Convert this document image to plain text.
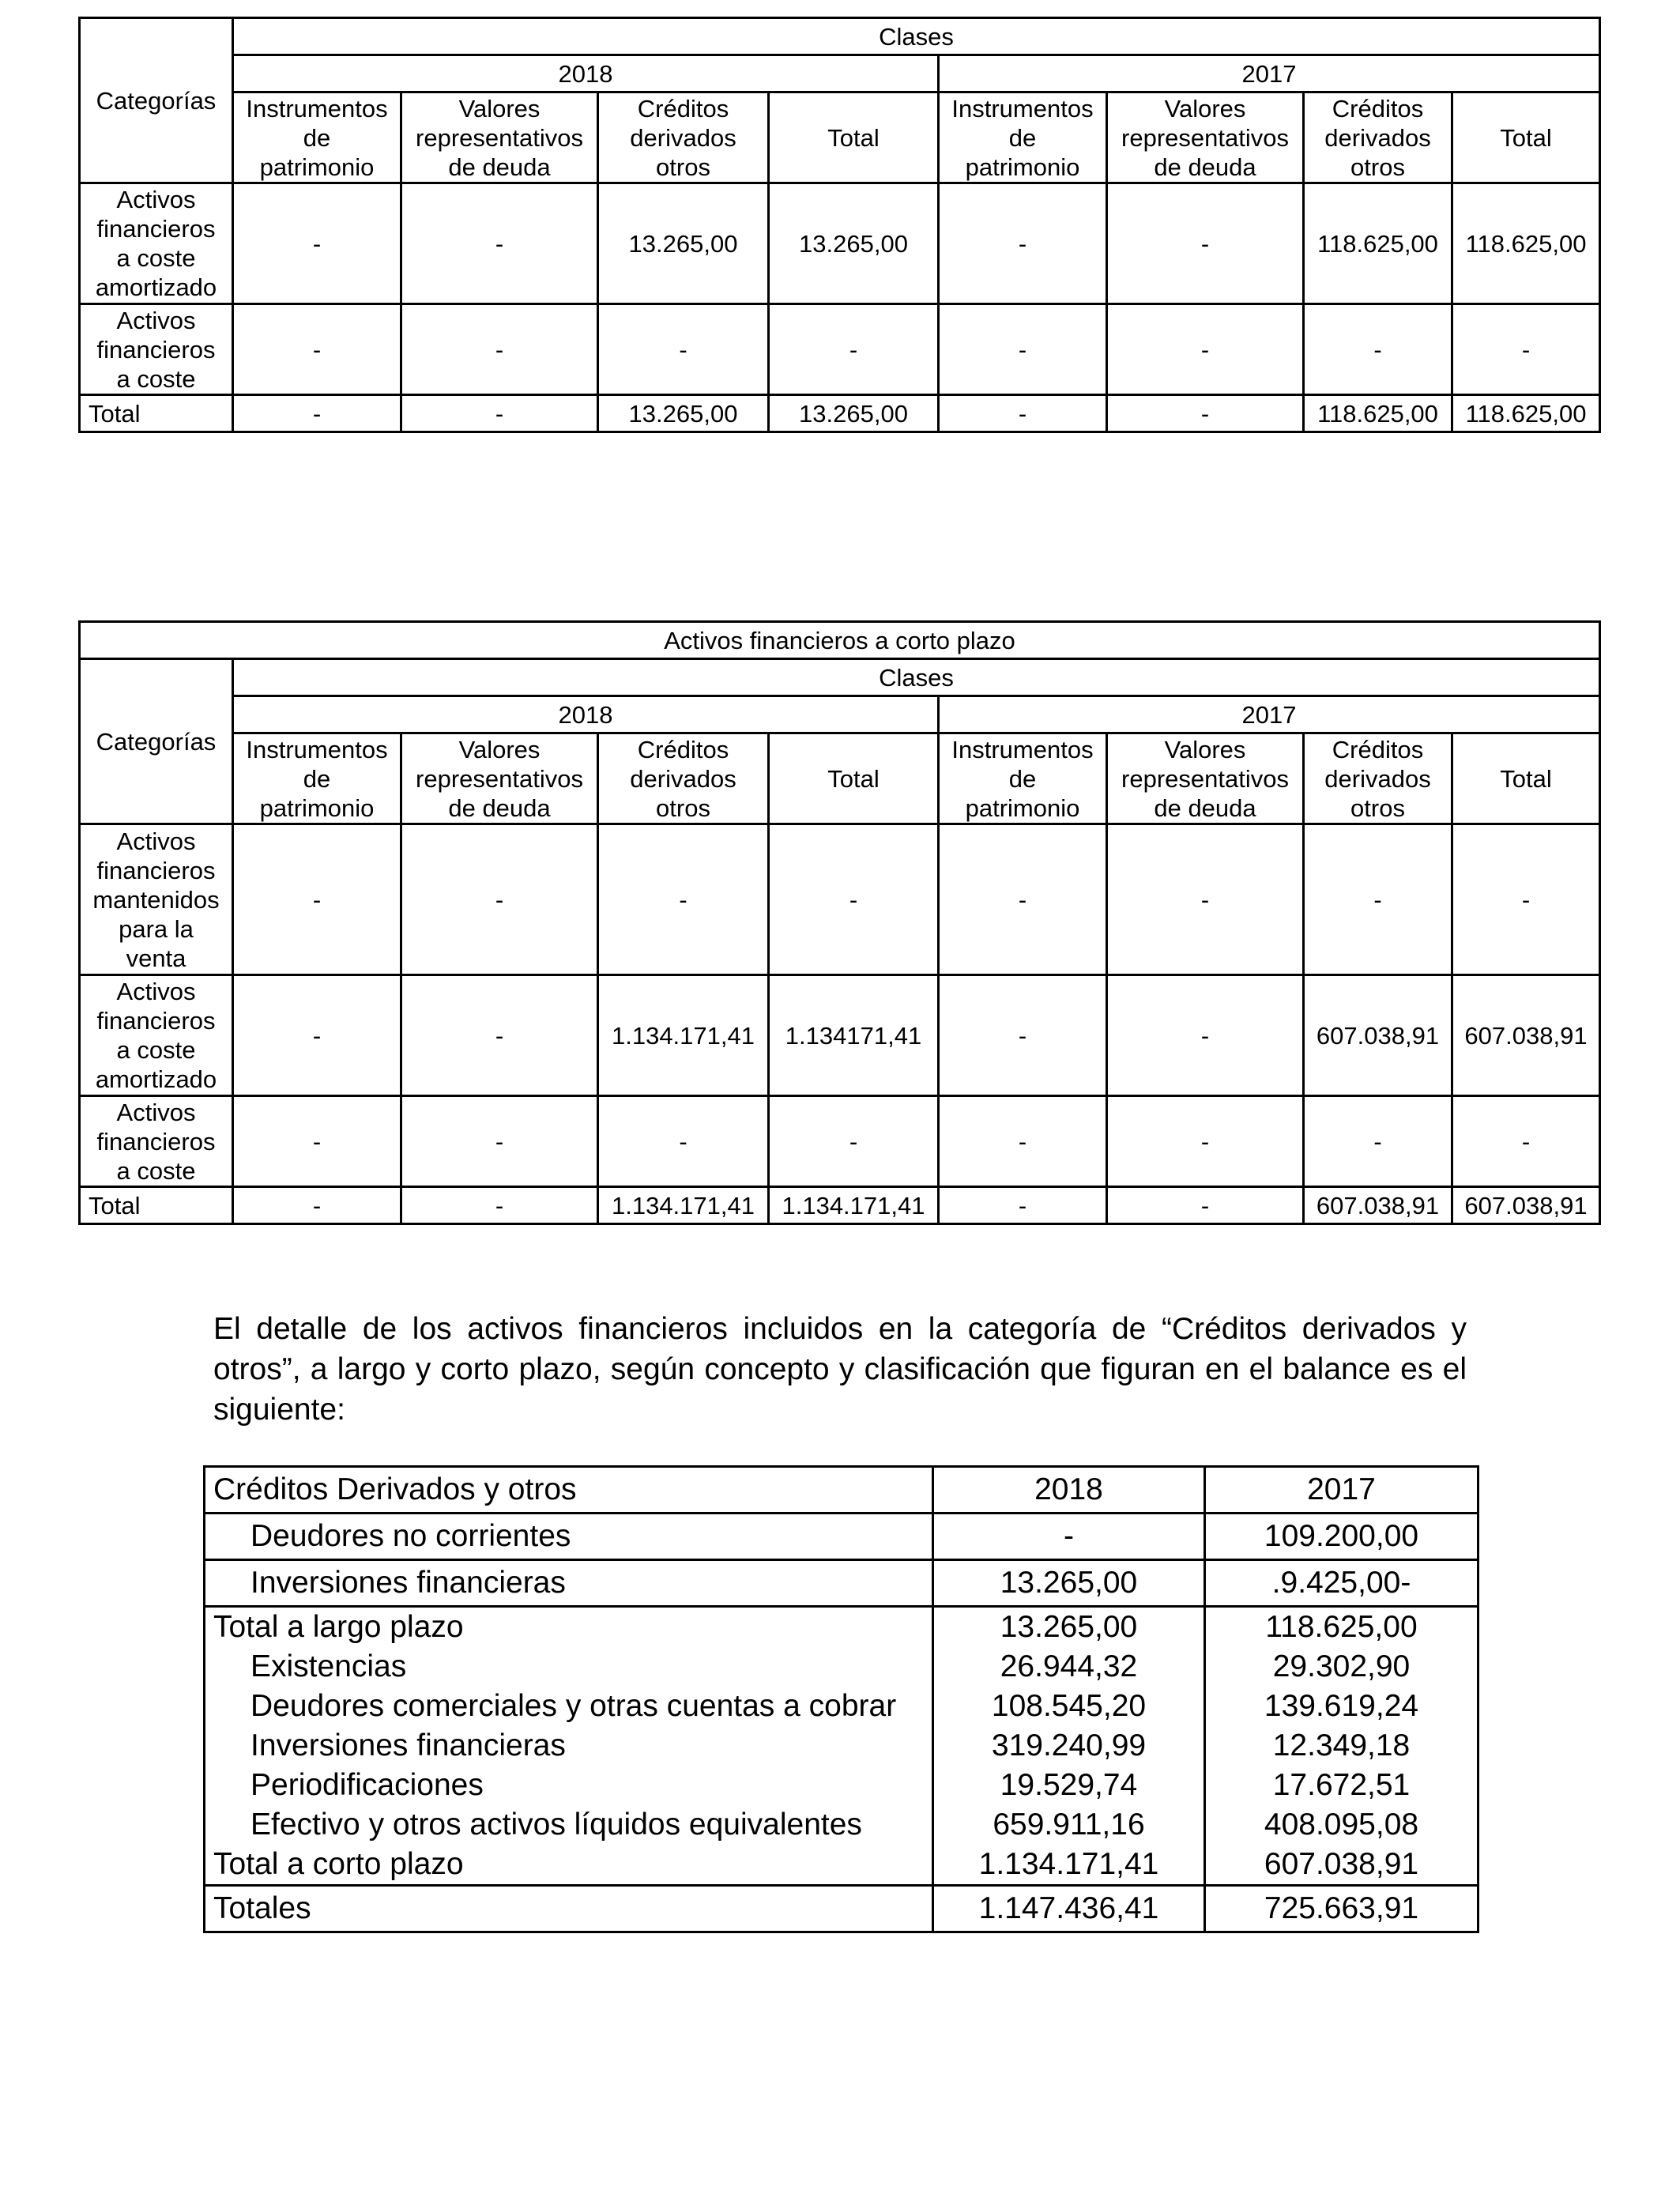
Categorías	Clases							
	2018				2017			
	Instrumentos
de
patrimonio	Valores
representativos
de deuda	Créditos
derivados
otros	Total	Instrumentos
de
patrimonio	Valores
representativos
de deuda	Créditos
derivados
otros	Total
Activos
financieros
a coste
amortizado	-	-	13.265,00	13.265,00	-	-	118.625,00	118.625,00
Activos
financieros
a coste	-	-	-	-	-	-	-	-
Total	-	-	13.265,00	13.265,00	-	-	118.625,00	118.625,00
Activos financieros a corto plazo								
Categorías	Clases							
	2018				2017			
	Instrumentos
de
patrimonio	Valores
representativos
de deuda	Créditos
derivados
otros	Total	Instrumentos
de
patrimonio	Valores
representativos
de deuda	Créditos
derivados
otros	Total
Activos
financieros
mantenidos
para la
venta	-	-	-	-	-	-	-	-
Activos
financieros
a coste
amortizado	-	-	1.134.171,41	1.134171,41	-	-	607.038,91	607.038,91
Activos
financieros
a coste	-	-	-	-	-	-	-	-
Total	-	-	1.134.171,41	1.134.171,41	-	-	607.038,91	607.038,91

El detalle de los activos financieros incluidos en la categoría de “Créditos derivados y otros”, a largo y corto plazo, según concepto y clasificación que figuran en el balance es el siguiente:

Créditos Derivados y otros	2018	2017
Deudores no corrientes	-	109.200,00
Inversiones financieras	13.265,00	.9.425,00-
Total a largo plazo	13.265,00	118.625,00
Existencias	26.944,32	29.302,90
Deudores comerciales y otras cuentas a cobrar	108.545,20	139.619,24
Inversiones financieras	319.240,99	12.349,18
Periodificaciones	19.529,74	17.672,51
Efectivo y otros activos líquidos equivalentes	659.911,16	408.095,08
Total a corto plazo	1.134.171,41	607.038,91
Totales	1.147.436,41	725.663,91
